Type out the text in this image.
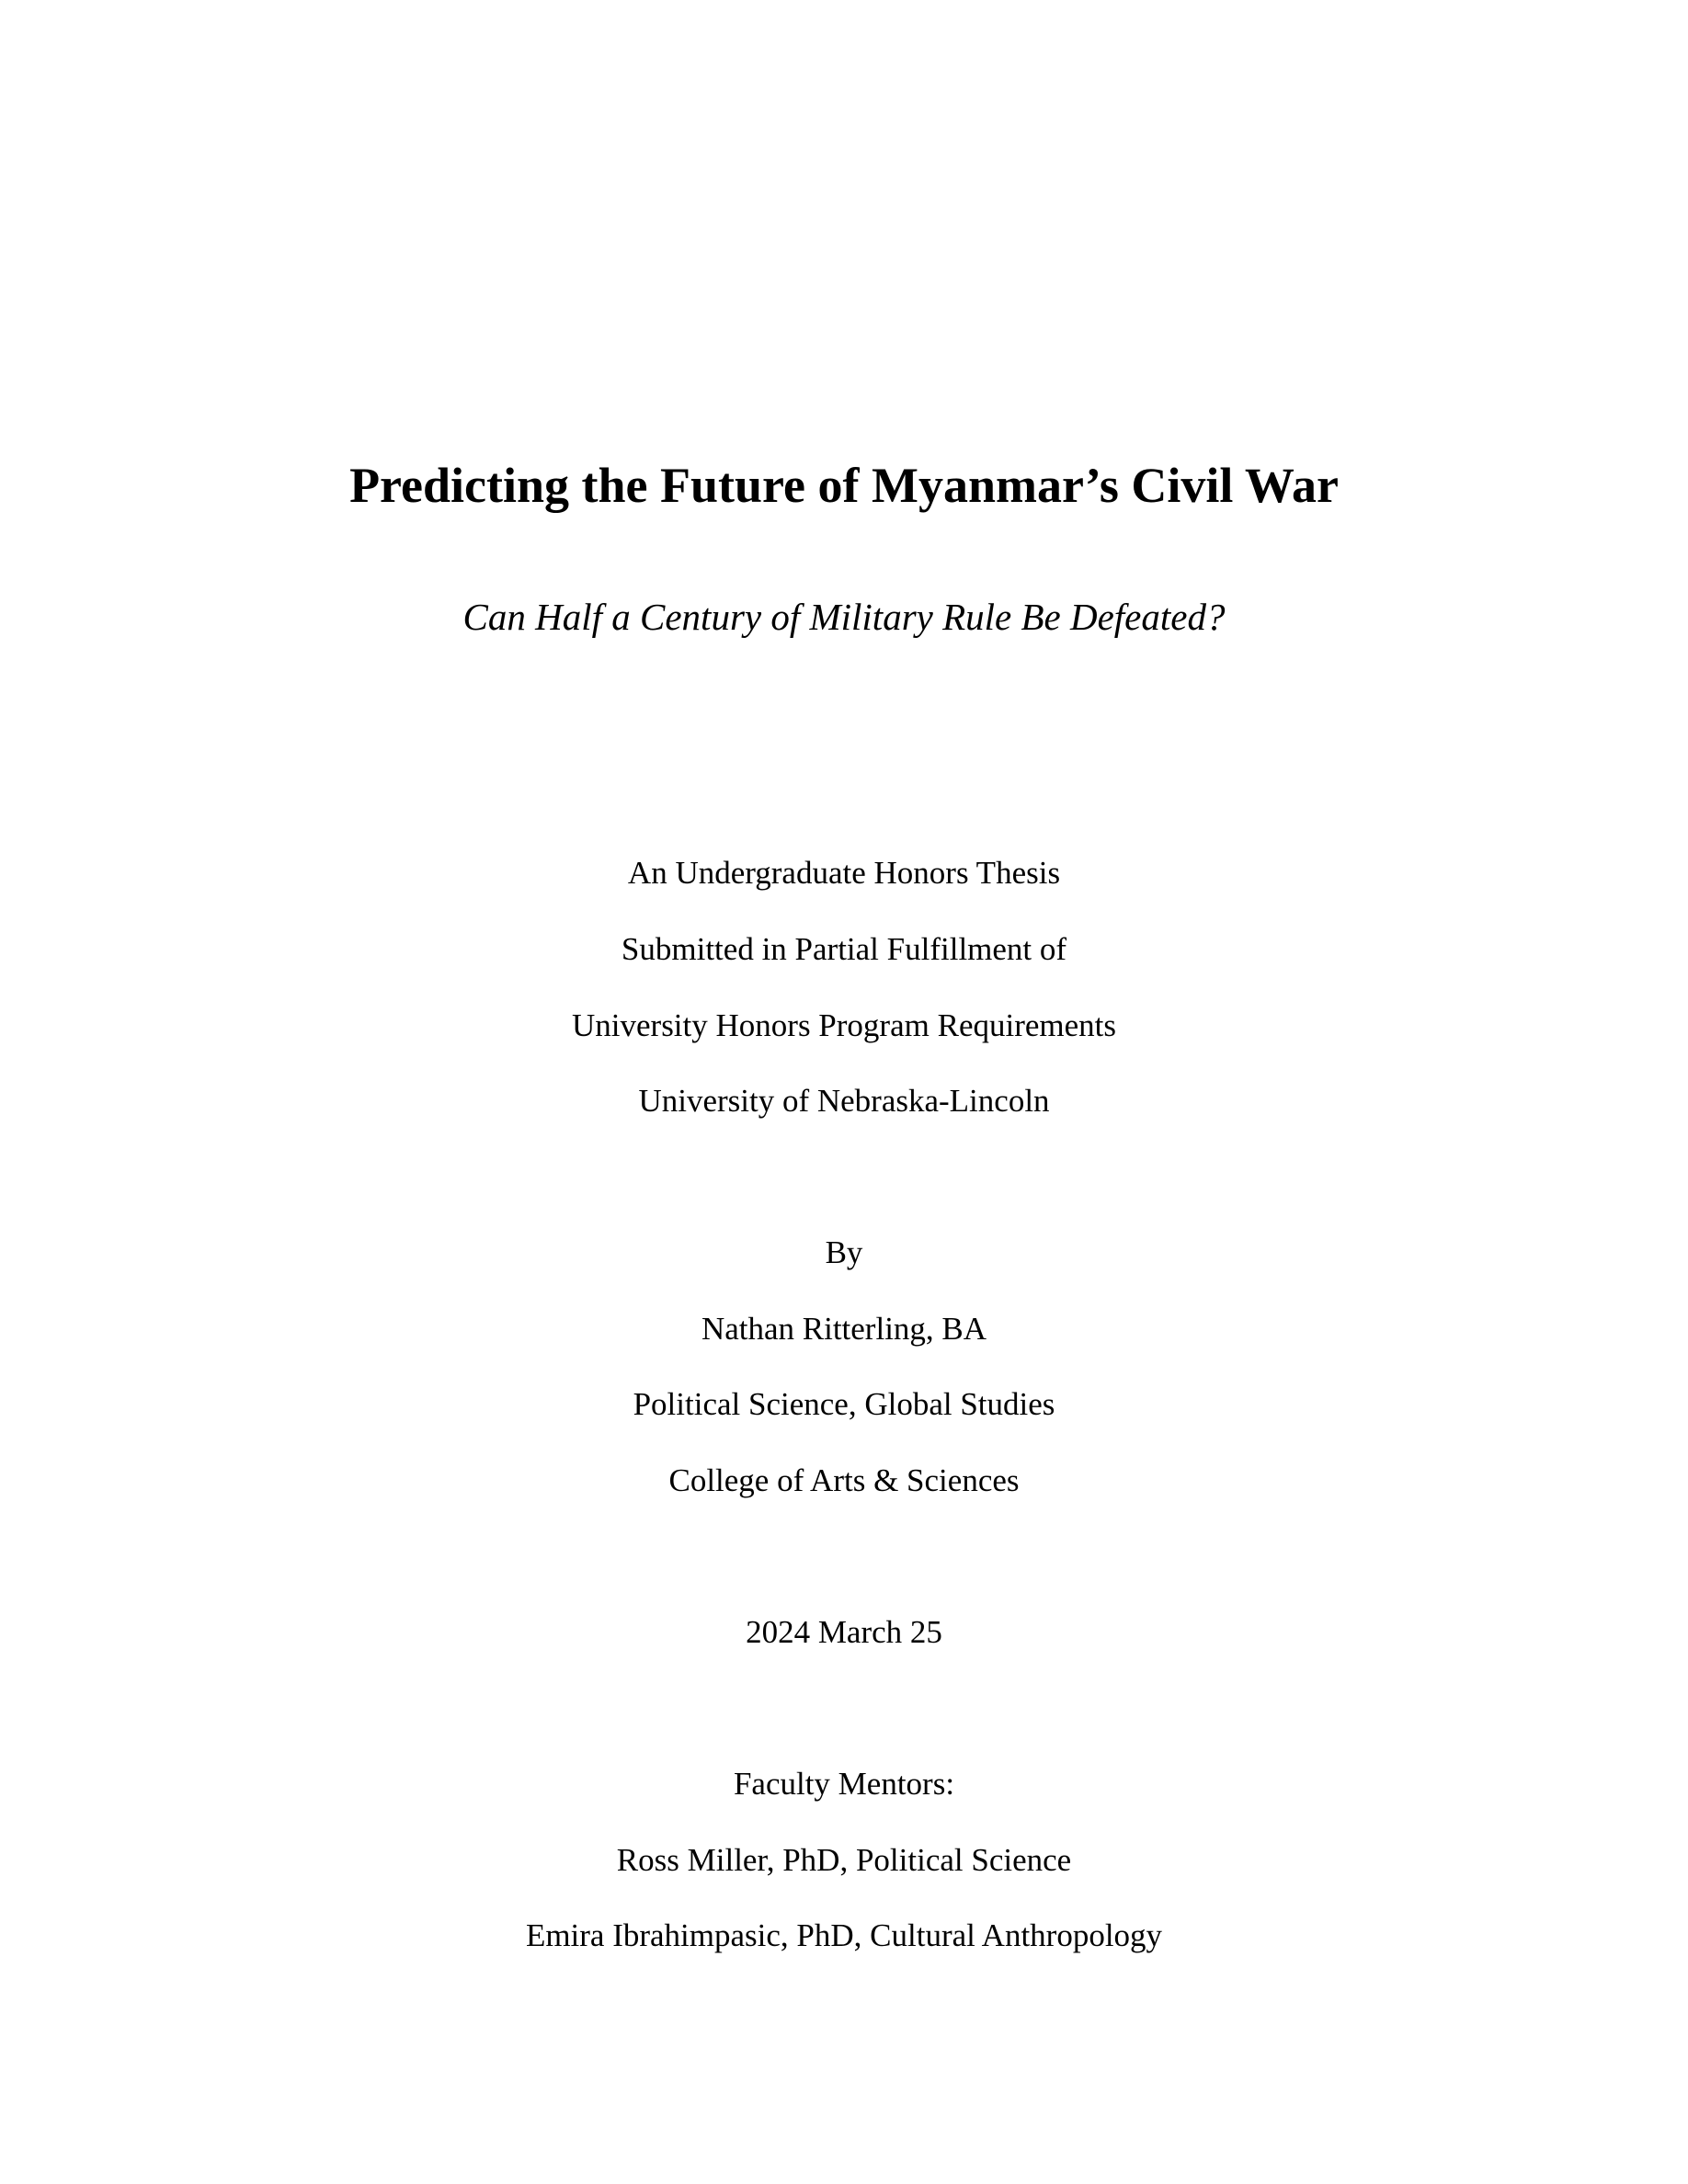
Predicting the Future of Myanmar’s Civil War
Can Half a Century of Military Rule Be Defeated?
An Undergraduate Honors Thesis
Submitted in Partial Fulfillment of
University Honors Program Requirements
University of Nebraska-Lincoln
By
Nathan Ritterling, BA
Political Science, Global Studies
College of Arts & Sciences
2024 March 25
Faculty Mentors:
Ross Miller, PhD, Political Science
Emira Ibrahimpasic, PhD, Cultural Anthropology
